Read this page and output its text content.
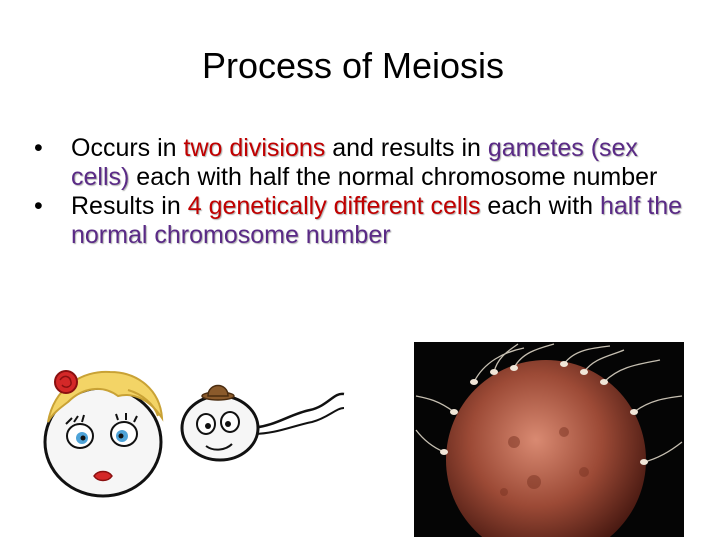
Process of Meiosis
• Occurs in two divisions and results in gametes (sex cells) each with half the normal chromosome number
• Results in 4 genetically different cells each with half the normal chromosome number
